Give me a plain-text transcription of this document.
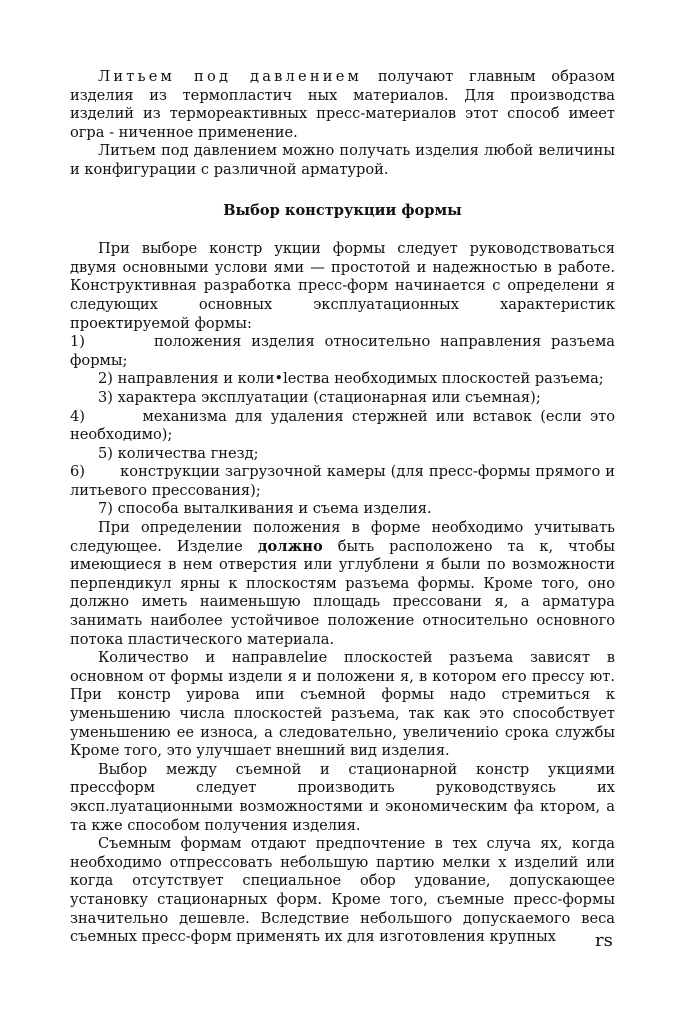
Литьем под давлением получают главным образом изделия из термопластич ных материалов. Для производства изделий из термореактивных пресс-материалов этот способ имеет огра - ниченное применение.

Литьем под давлением можно получать изделия любой величины и конфигурации с различной арматурой.

Выбор конструкции формы

При выборе констр укции формы следует руководствоваться двумя основными услови ями — простотой и надежностью в работе. Конструктивная разработка пресс-форм начинается с определени я следующих основных эксплуатационных характеристик проектируемой формы:

1)       положения изделия относительно направления разъема формы;

2) направления и коли•lecтва необходимых плоскостей разъема;

3) характера эксплуатации (стационарная или съемная);

4)       механизма для удаления стержней или вставок (если это необходимо);

5) количества гнезд;

6)       конструкции загрузочной камеры (для пресс-формы прямого и литьевого прессования);

7) способа выталкивания и съема изделия.

При определении положения в форме необходимо учитывать следующее. Изделие должно быть расположено та к, чтобы имеющиеся в нем отверстия или углублени я были по возможности перпендикул ярны к плоскостям разъема формы. Кроме того, оно должно иметь наименьшую площадь прессовани я, а арматура занимать наиболее устойчивое положение относительно основного потока пластического материала.

Количество и направлеlие плоскостей разъема зависят в основном от формы издели я и положени я, в котором его прессу ют. При констр уирова ипи съемной формы надо стремиться к уменьшению числа плоскостей разъема, так как это способствует уменьшению ее износа, а следовательно, увеличениio срока службы Кроме того, это улучшает внешний вид изделия.

Выбор между съемной и стационарной констр укциями прессформ следует производить руководствуясь их эксп.луатационными возможностями и экономическим фа ктором, а та кже способом получения изделия.

Съемным формам отдают предпочтение в тех случа ях, когда необходимо отпрессовать небольшую партию мелки х изделий или когда отсутствует специальное обор удование, допускающее установку стационарных форм. Кроме того, съемные пресс-формы значительно дешевле. Вследствие небольшого допускаемого веса съемных пресс-форм применять их для изготовления крупных	rs
